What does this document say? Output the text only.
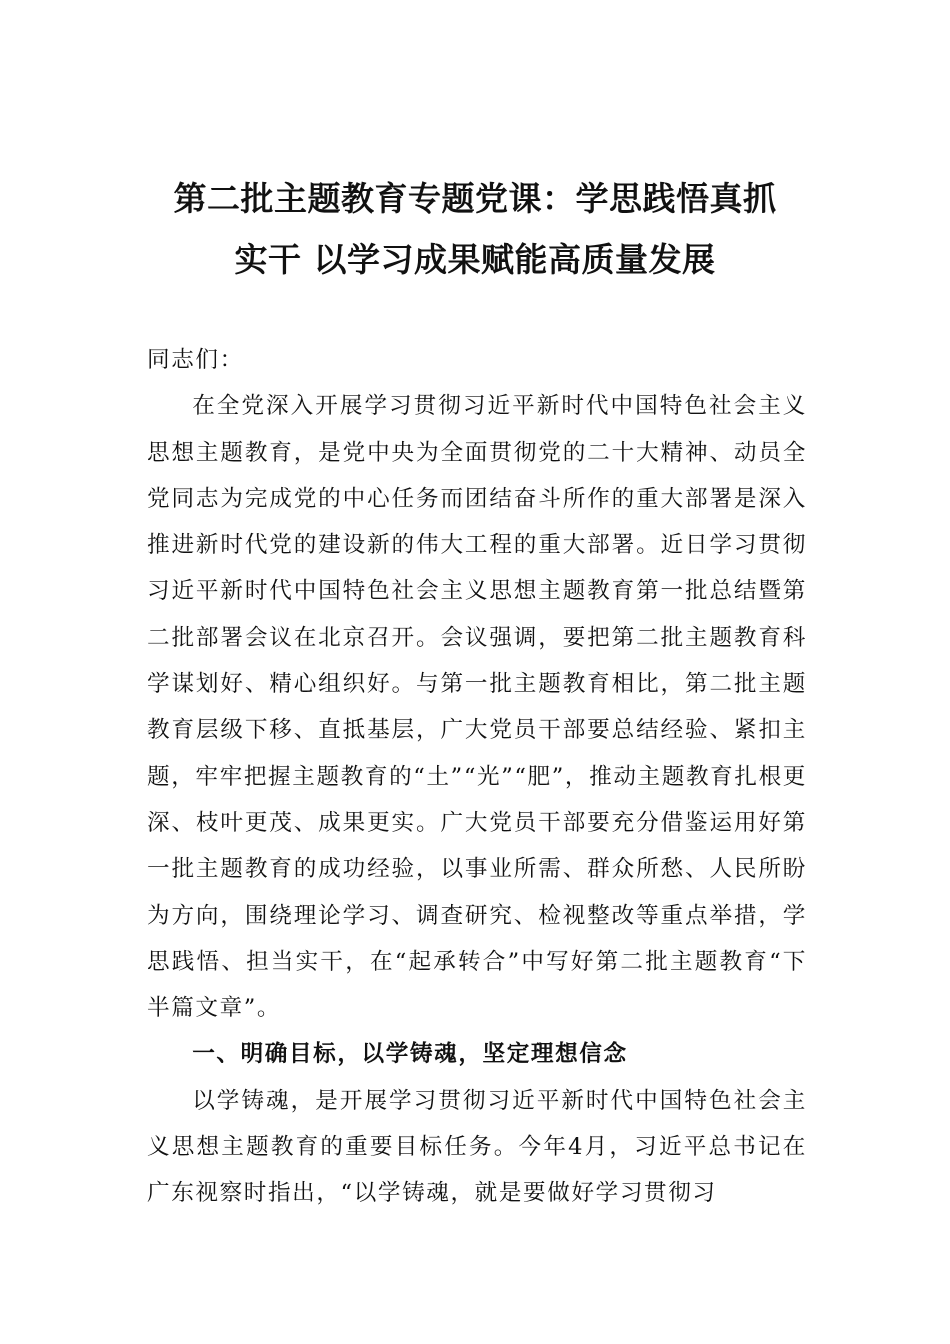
第二批主题教育专题党课：学思践悟真抓
实干 以学习成果赋能高质量发展

同志们：

在全党深入开展学习贯彻习近平新时代中国特色社会主义思想主题教育，是党中央为全面贯彻党的二十大精神、动员全党同志为完成党的中心任务而团结奋斗所作的重大部署是深入推进新时代党的建设新的伟大工程的重大部署。近日学习贯彻习近平新时代中国特色社会主义思想主题教育第一批总结暨第二批部署会议在北京召开。会议强调，要把第二批主题教育科学谋划好、精心组织好。与第一批主题教育相比，第二批主题教育层级下移、直抵基层，广大党员干部要总结经验、紧扣主题，牢牢把握主题教育的“土”“光”“肥”，推动主题教育扎根更深、枝叶更茂、成果更实。广大党员干部要充分借鉴运用好第一批主题教育的成功经验，以事业所需、群众所愁、人民所盼为方向，围绕理论学习、调查研究、检视整改等重点举措，学思践悟、担当实干，在“起承转合”中写好第二批主题教育“下半篇文章”。

一、明确目标，以学铸魂，坚定理想信念

以学铸魂，是开展学习贯彻习近平新时代中国特色社会主义思想主题教育的重要目标任务。今年4月，习近平总书记在广东视察时指出，“以学铸魂，就是要做好学习贯彻习
